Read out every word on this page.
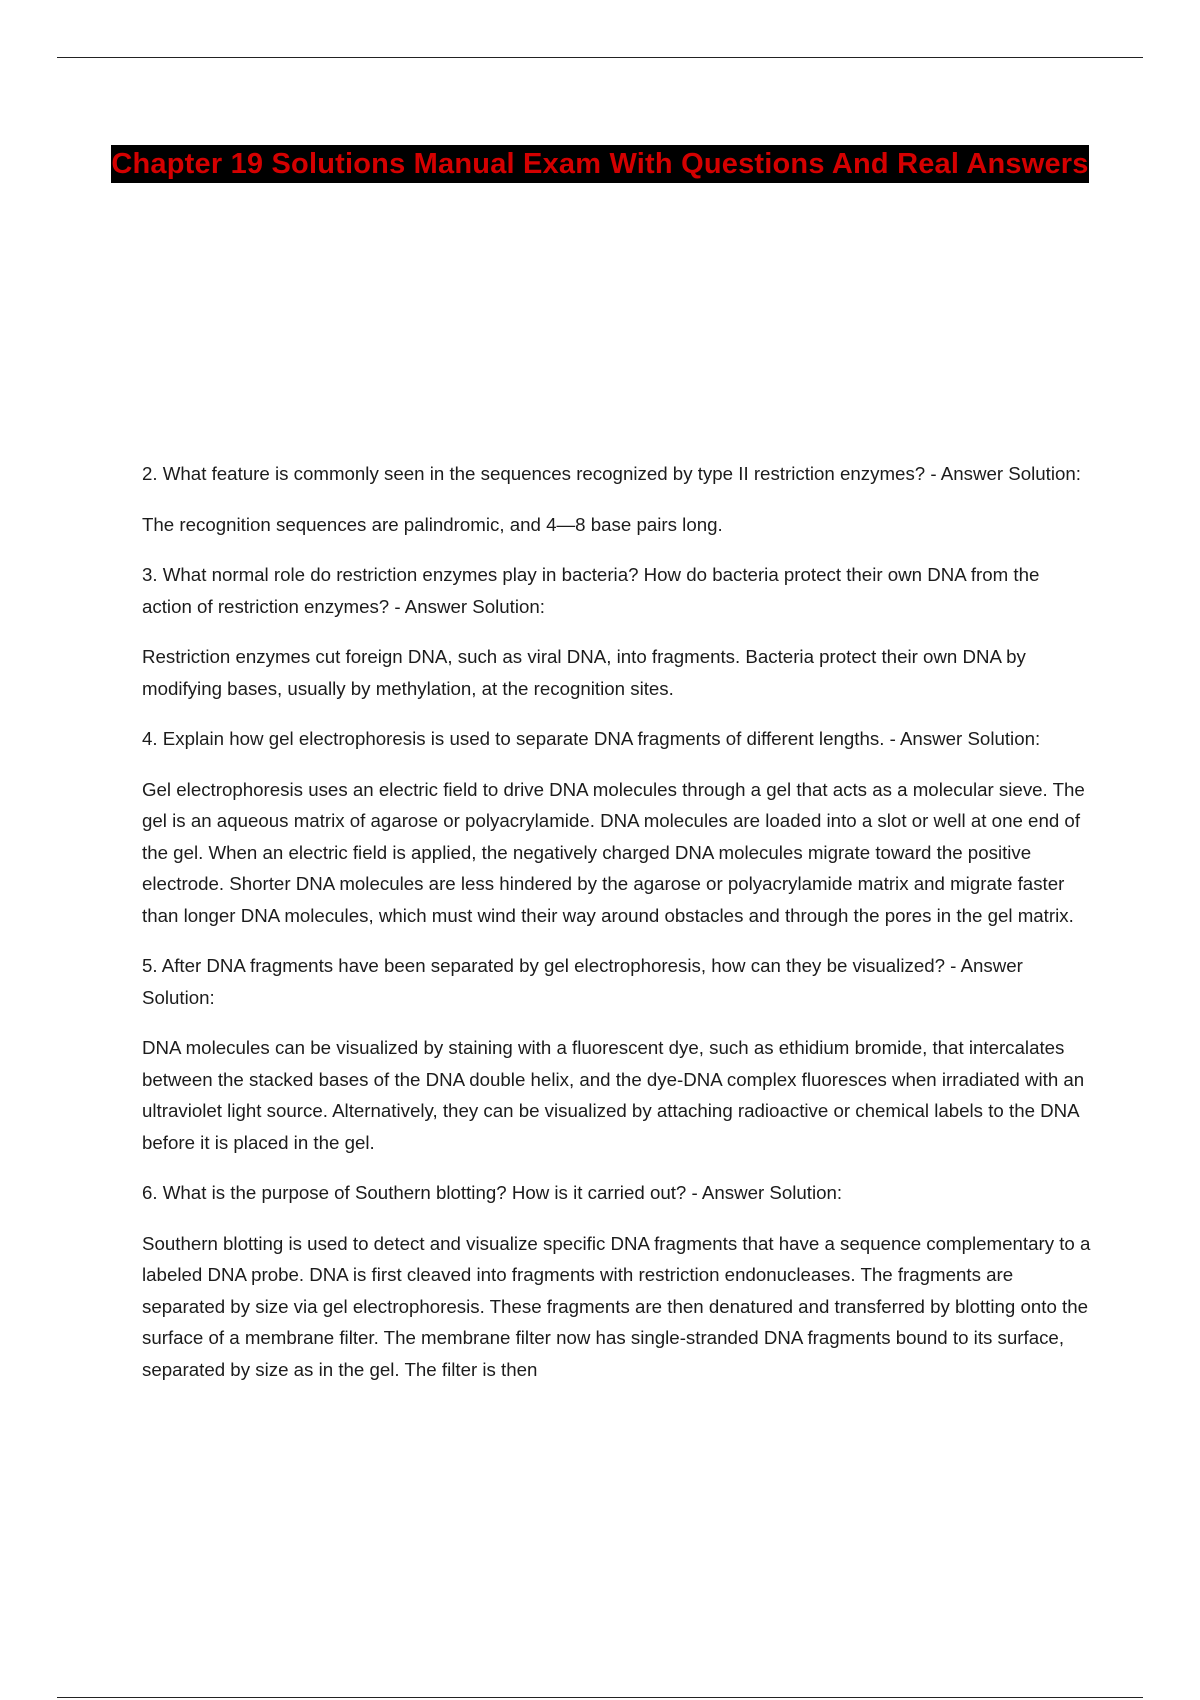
Chapter 19 Solutions Manual Exam With Questions And Real Answers

2. What feature is commonly seen in the sequences recognized by type II restriction enzymes? - Answer Solution:

The recognition sequences are palindromic, and 4—8 base pairs long.

3. What normal role do restriction enzymes play in bacteria? How do bacteria protect their own DNA from the action of restriction enzymes? - Answer Solution:

Restriction enzymes cut foreign DNA, such as viral DNA, into fragments. Bacteria protect their own DNA by modifying bases, usually by methylation, at the recognition sites.

4. Explain how gel electrophoresis is used to separate DNA fragments of different lengths. - Answer Solution:

Gel electrophoresis uses an electric field to drive DNA molecules through a gel that acts as a molecular sieve. The gel is an aqueous matrix of agarose or polyacrylamide. DNA molecules are loaded into a slot or well at one end of the gel. When an electric field is applied, the negatively charged DNA molecules migrate toward the positive electrode. Shorter DNA molecules are less hindered by the agarose or polyacrylamide matrix and migrate faster than longer DNA molecules, which must wind their way around obstacles and through the pores in the gel matrix.

5. After DNA fragments have been separated by gel electrophoresis, how can they be visualized? - Answer Solution:

DNA molecules can be visualized by staining with a fluorescent dye, such as ethidium bromide, that intercalates between the stacked bases of the DNA double helix, and the dye-DNA complex fluoresces when irradiated with an ultraviolet light source. Alternatively, they can be visualized by attaching radioactive or chemical labels to the DNA before it is placed in the gel.

6. What is the purpose of Southern blotting? How is it carried out? - Answer Solution:

Southern blotting is used to detect and visualize specific DNA fragments that have a sequence complementary to a labeled DNA probe. DNA is first cleaved into fragments with restriction endonucleases. The fragments are separated by size via gel electrophoresis. These fragments are then denatured and transferred by blotting onto the surface of a membrane filter. The membrane filter now has single-stranded DNA fragments bound to its surface, separated by size as in the gel. The filter is then
